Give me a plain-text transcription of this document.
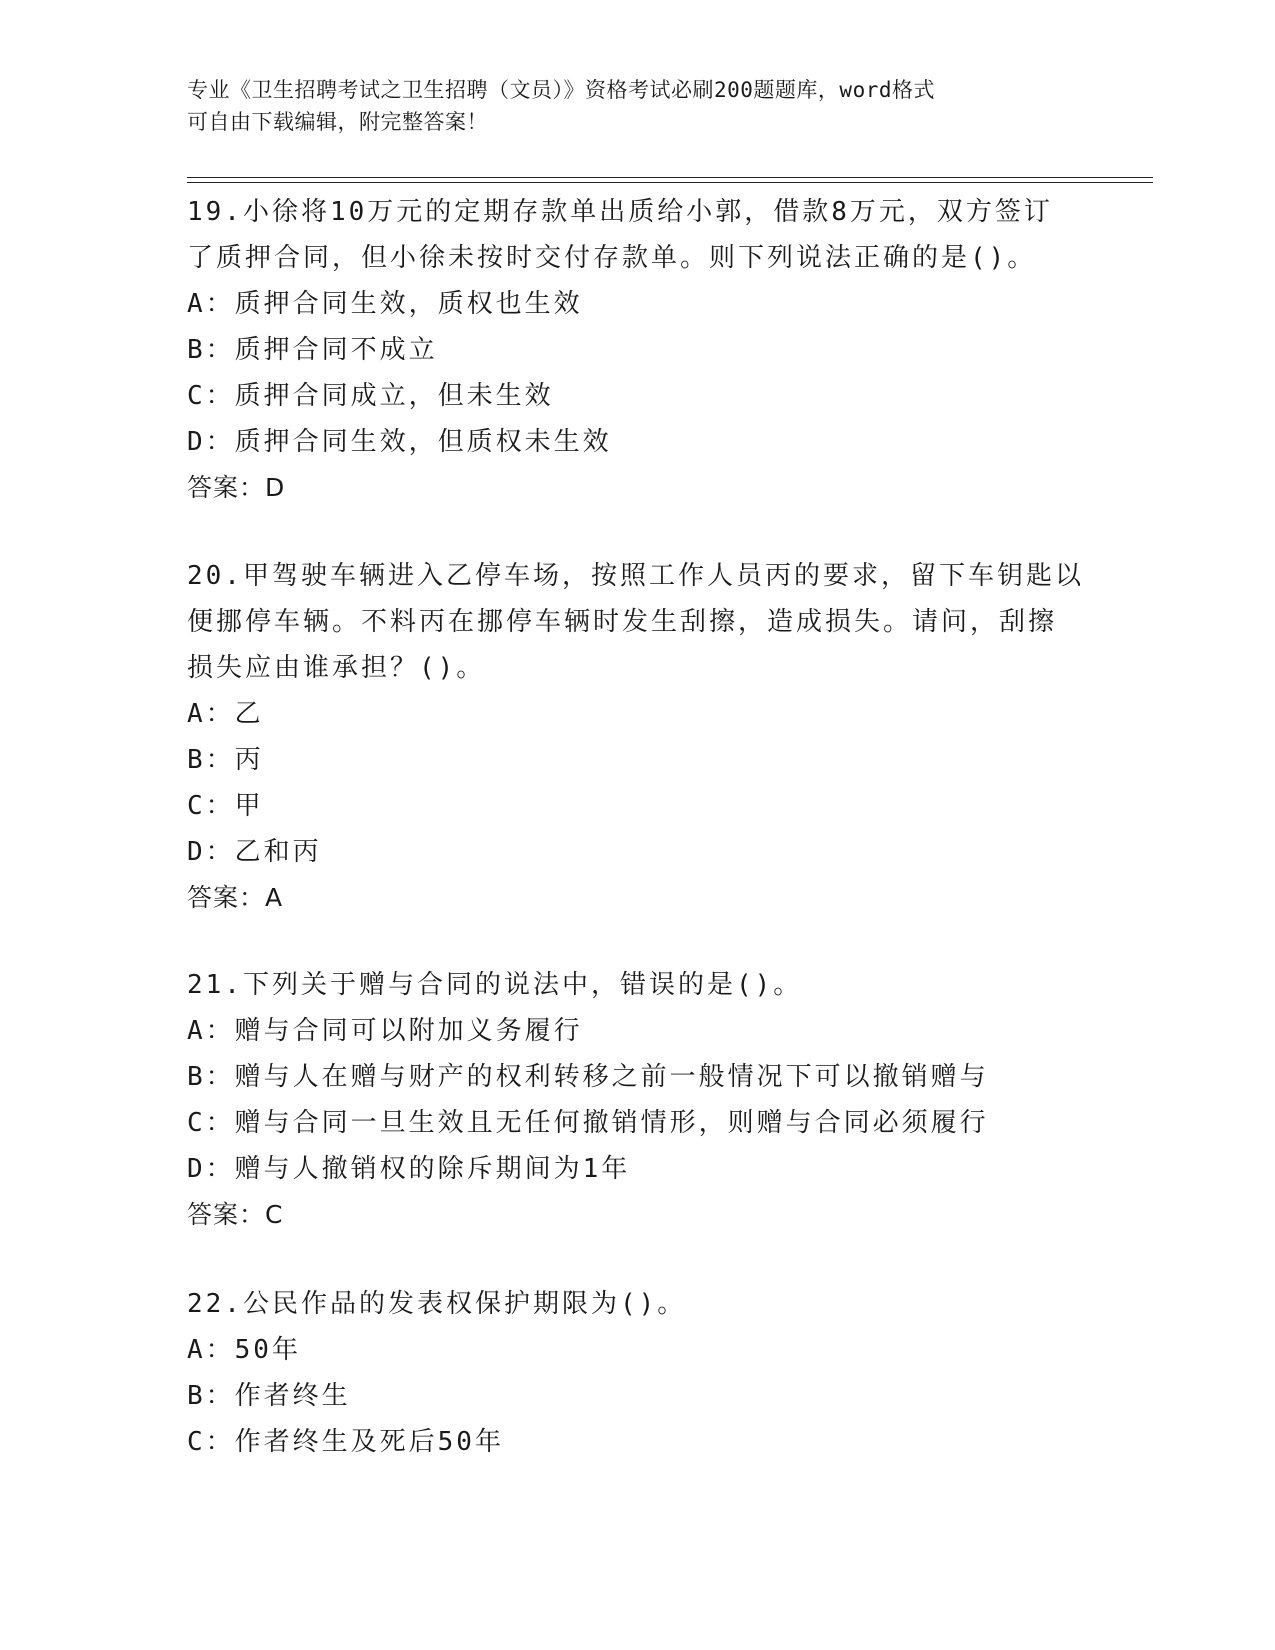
专业《卫生招聘考试之卫生招聘（文员）》资格考试必刷200题题库，word格式
可自由下载编辑，附完整答案！
19.小徐将10万元的定期存款单出质给小郭，借款8万元，双方签订
了质押合同，但小徐未按时交付存款单。则下列说法正确的是()。
A：质押合同生效，质权也生效
B：质押合同不成立
C：质押合同成立，但未生效
D：质押合同生效，但质权未生效
答案：D
20.甲驾驶车辆进入乙停车场，按照工作人员丙的要求，留下车钥匙以
便挪停车辆。不料丙在挪停车辆时发生刮擦，造成损失。请问，刮擦
损失应由谁承担？()。
A：乙
B：丙
C：甲
D：乙和丙
答案：A
21.下列关于赠与合同的说法中，错误的是()。
A：赠与合同可以附加义务履行
B：赠与人在赠与财产的权利转移之前一般情况下可以撤销赠与
C：赠与合同一旦生效且无任何撤销情形，则赠与合同必须履行
D：赠与人撤销权的除斥期间为1年
答案：C
22.公民作品的发表权保护期限为()。
A：50年
B：作者终生
C：作者终生及死后50年
